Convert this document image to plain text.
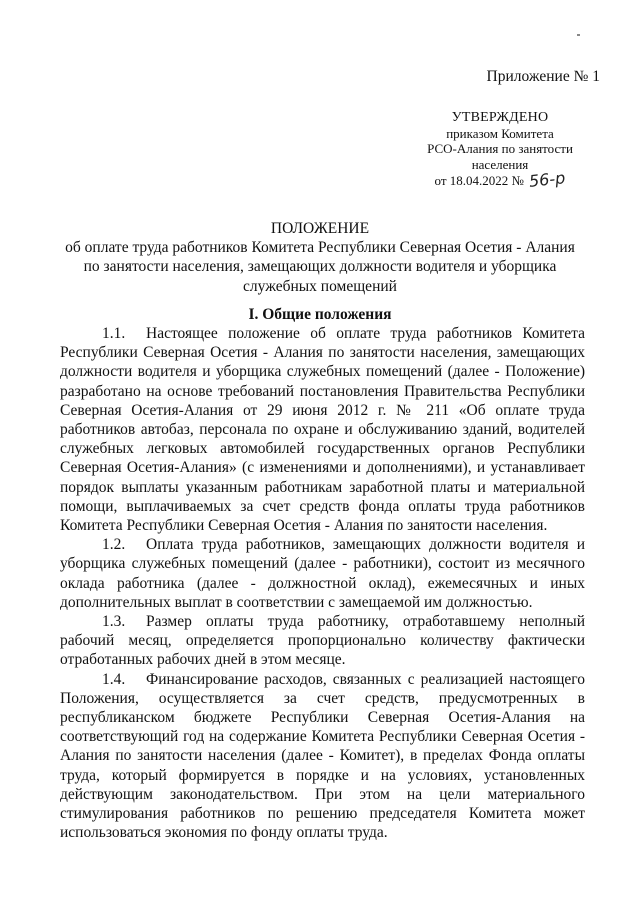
Приложение № 1
УТВЕРЖДЕНО
приказом Комитета
РСО-Алания по занятости
населения
от 18.04.2022 № 56-р
ПОЛОЖЕНИЕ
об оплате труда работников Комитета Республики Северная Осетия - Алания
по занятости населения, замещающих должности водителя и уборщика
служебных помещений
I. Общие положения

1.1. Настоящее положение об оплате труда работников Комитета Республики Северная Осетия - Алания по занятости населения, замещающих должности водителя и уборщика служебных помещений (далее - Положение) разработано на основе требований постановления Правительства Республики Северная Осетия-Алания от 29 июня 2012 г. № 211 «Об оплате труда работников автобаз, персонала по охране и обслуживанию зданий, водителей служебных легковых автомобилей государственных органов Республики Северная Осетия-Алания» (с изменениями и дополнениями), и устанавливает порядок выплаты указанным работникам заработной платы и материальной помощи, выплачиваемых за счет средств фонда оплаты труда работников Комитета Республики Северная Осетия - Алания по занятости населения.

1.2. Оплата труда работников, замещающих должности водителя и уборщика служебных помещений (далее - работники), состоит из месячного оклада работника (далее - должностной оклад), ежемесячных и иных дополнительных выплат в соответствии с замещаемой им должностью.

1.3. Размер оплаты труда работнику, отработавшему неполный рабочий месяц, определяется пропорционально количеству фактически отработанных рабочих дней в этом месяце.

1.4. Финансирование расходов, связанных с реализацией настоящего Положения, осуществляется за счет средств, предусмотренных в республиканском бюджете Республики Северная Осетия-Алания на соответствующий год на содержание Комитета Республики Северная Осетия - Алания по занятости населения (далее - Комитет), в пределах Фонда оплаты труда, который формируется в порядке и на условиях, установленных действующим законодательством. При этом на цели материального стимулирования работников по решению председателя Комитета может использоваться экономия по фонду оплаты труда.
